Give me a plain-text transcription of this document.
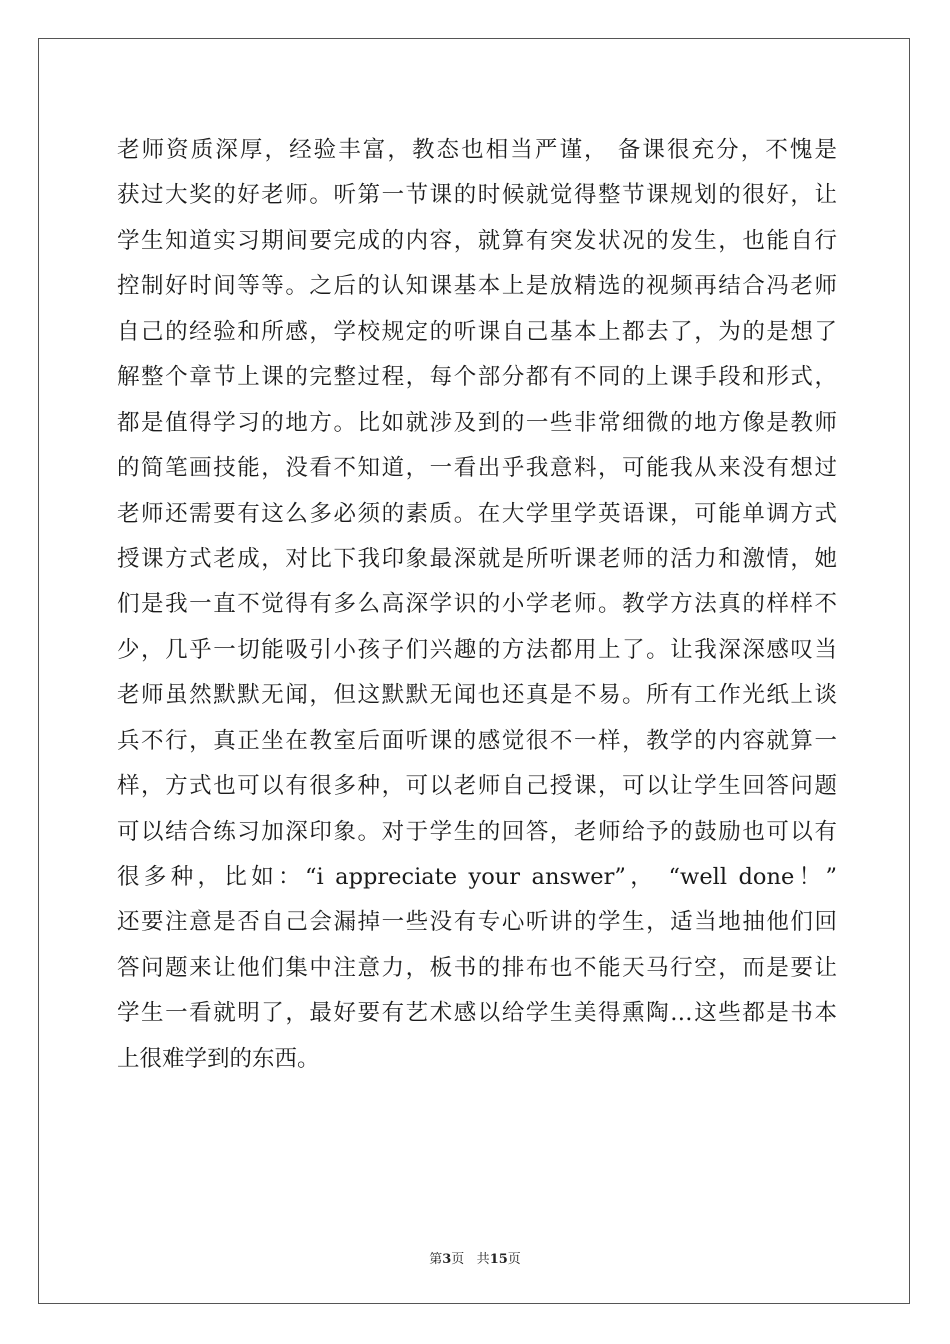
老师资质深厚，经验丰富，教态也相当严谨， 备课很充分，不愧是
获过大奖的好老师。听第一节课的时候就觉得整节课规划的很好，让
学生知道实习期间要完成的内容，就算有突发状况的发生，也能自行
控制好时间等等。之后的认知课基本上是放精选的视频再结合冯老师
自己的经验和所感，学校规定的听课自己基本上都去了，为的是想了
解整个章节上课的完整过程，每个部分都有不同的上课手段和形式，
都是值得学习的地方。比如就涉及到的一些非常细微的地方像是教师
的简笔画技能，没看不知道，一看出乎我意料，可能我从来没有想过
老师还需要有这么多必须的素质。在大学里学英语课，可能单调方式
授课方式老成，对比下我印象最深就是所听课老师的活力和激情，她
们是我一直不觉得有多么高深学识的小学老师。教学方法真的样样不
少，几乎一切能吸引小孩子们兴趣的方法都用上了。让我深深感叹当
老师虽然默默无闻，但这默默无闻也还真是不易。所有工作光纸上谈
兵不行，真正坐在教室后面听课的感觉很不一样，教学的内容就算一
样，方式也可以有很多种，可以老师自己授课，可以让学生回答问题
可以结合练习加深印象。对于学生的回答，老师给予的鼓励也可以有
很多种，比如：“i appreciate your answer”， “well done！”
还要注意是否自己会漏掉一些没有专心听讲的学生，适当地抽他们回
答问题来让他们集中注意力，板书的排布也不能天马行空，而是要让
学生一看就明了，最好要有艺术感以给学生美得熏陶…这些都是书本
上很难学到的东西。
第3页 共15页
